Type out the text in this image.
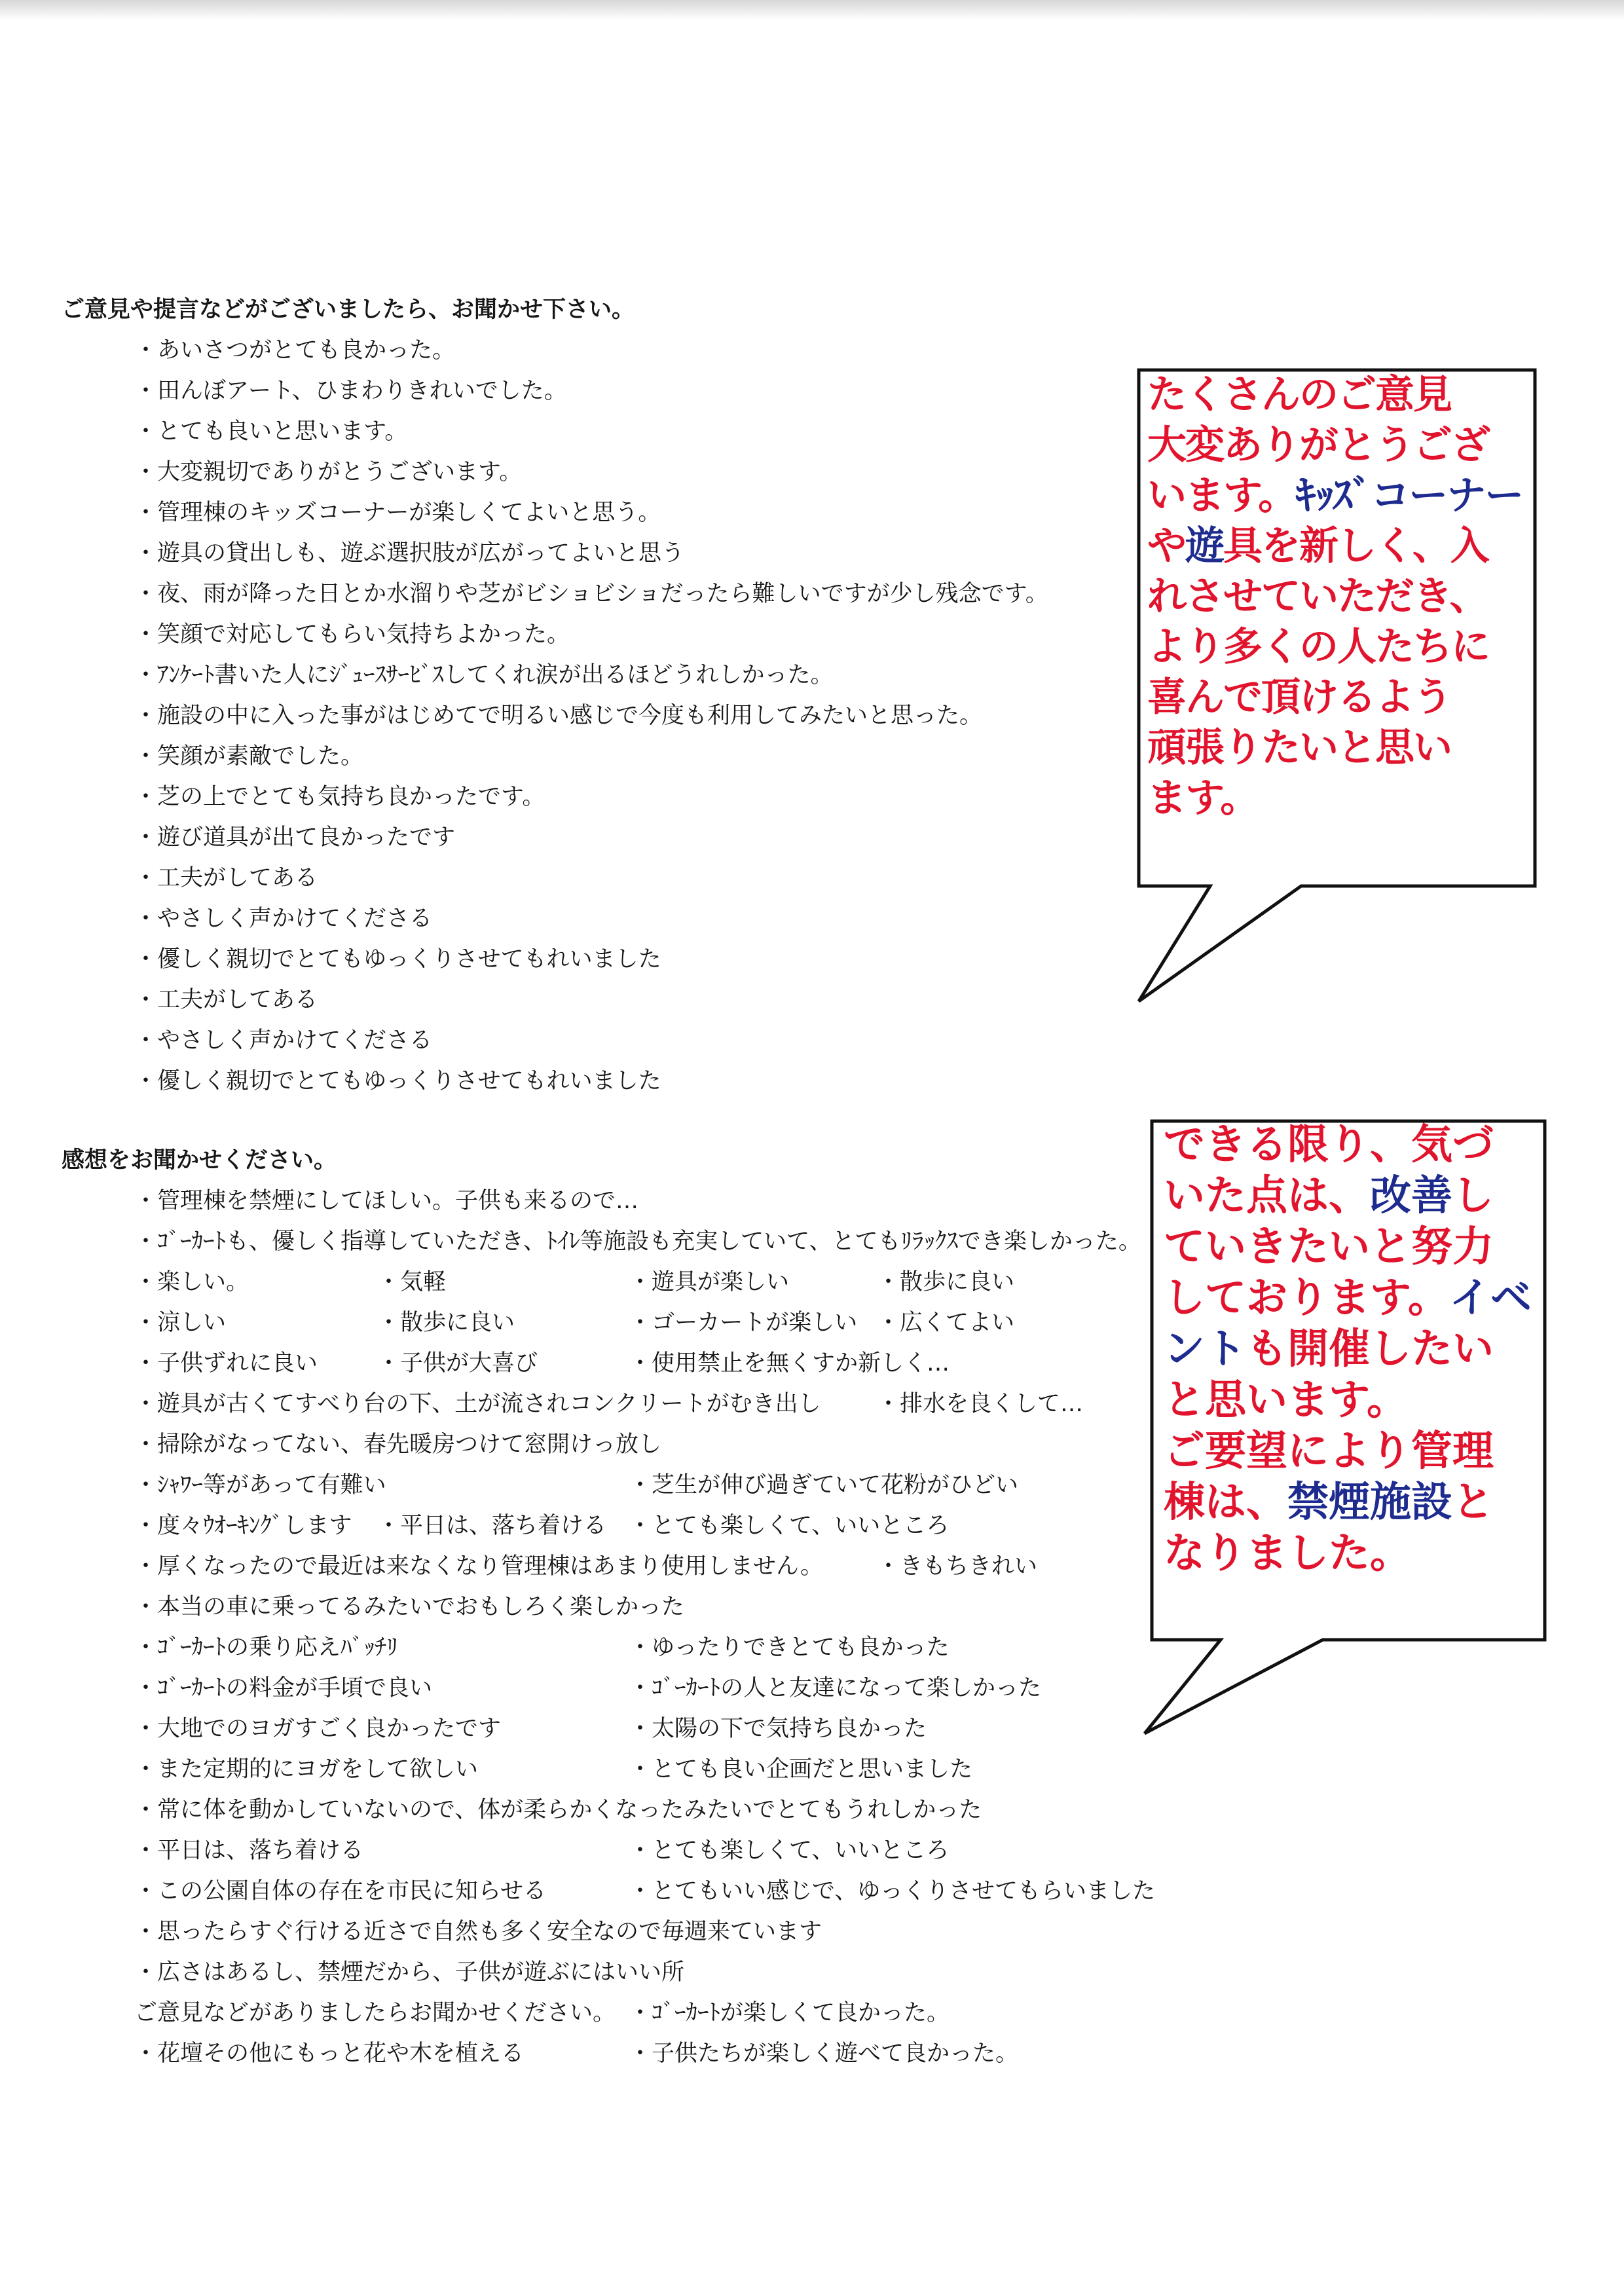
ご意見や提言などがございましたら、お聞かせ下さい。
・あいさつがとても良かった。
・田んぼアート、ひまわりきれいでした。
・とても良いと思います。
・大変親切でありがとうございます。
・管理棟のキッズコーナーが楽しくてよいと思う。
・遊具の貸出しも、遊ぶ選択肢が広がってよいと思う
・夜、雨が降った日とか水溜りや芝がビショビショだったら難しいですが少し残念です。
・笑顔で対応してもらい気持ちよかった。
・ｱﾝｹｰﾄ書いた人にｼﾞｭｰｽｻｰﾋﾞｽしてくれ涙が出るほどうれしかった。
・施設の中に入った事がはじめてで明るい感じで今度も利用してみたいと思った。
・笑顔が素敵でした。
・芝の上でとても気持ち良かったです。
・遊び道具が出て良かったです
・工夫がしてある
・やさしく声かけてくださる
・優しく親切でとてもゆっくりさせてもれいました
・工夫がしてある
・やさしく声かけてくださる
・優しく親切でとてもゆっくりさせてもれいました
感想をお聞かせください。
・管理棟を禁煙にしてほしい。子供も来るので…
・ｺﾞｰｶｰﾄも、優しく指導していただき、ﾄｲﾚ等施設も充実していて、とてもﾘﾗｯｸｽでき楽しかった。
・楽しい。	・気軽	・遊具が楽しい	・散歩に良い
・涼しい	・散歩に良い	・ゴーカートが楽しい ・広くてよい
・子供ずれに良い	・子供が大喜び	・使用禁止を無くすか新しく…
・遊具が古くてすべり台の下、土が流されコンクリートがむき出し ・排水を良くして…
・掃除がなってない、春先暖房つけて窓開けっ放し
・ｼｬﾜｰ等があって有難い	・芝生が伸び過ぎていて花粉がひどい
・度々ｳｵｰｷﾝｸﾞします ・平日は、落ち着ける ・とても楽しくて、いいところ
・厚くなったので最近は来なくなり管理棟はあまり使用しません。 ・きもちきれい
・本当の車に乗ってるみたいでおもしろく楽しかった
・ｺﾞｰｶｰﾄの乗り応えﾊﾞｯﾁﾘ	・ゆったりできとても良かった
・ｺﾞｰｶｰﾄの料金が手頃で良い	・ｺﾞｰｶｰﾄの人と友達になって楽しかった
・大地でのヨガすごく良かったです	・太陽の下で気持ち良かった
・また定期的にヨガをして欲しい	・とても良い企画だと思いました
・常に体を動かしていないので、体が柔らかくなったみたいでとてもうれしかった
・平日は、落ち着ける	・とても楽しくて、いいところ
・この公園自体の存在を市民に知らせる	・とてもいい感じで、ゆっくりさせてもらいました
・思ったらすぐ行ける近さで自然も多く安全なので毎週来ています
・広さはあるし、禁煙だから、子供が遊ぶにはいい所
ご意見などがありましたらお聞かせください。 ・ｺﾞｰｶｰﾄが楽しくて良かった。
・花壇その他にもっと花や木を植える	・子供たちが楽しく遊べて良かった。
たくさんのご意見
大変ありがとうござ
います。ｷｯｽﾞコーナー
や遊具を新しく、入
れさせていただき、
より多くの人たちに
喜んで頂けるよう
頑張りたいと思い
ます。
できる限り、気づ
いた点は、改善し
ていきたいと努力
しております。イベ
ントも開催したい
と思います。
ご要望により管理
棟は、禁煙施設と
なりました。
